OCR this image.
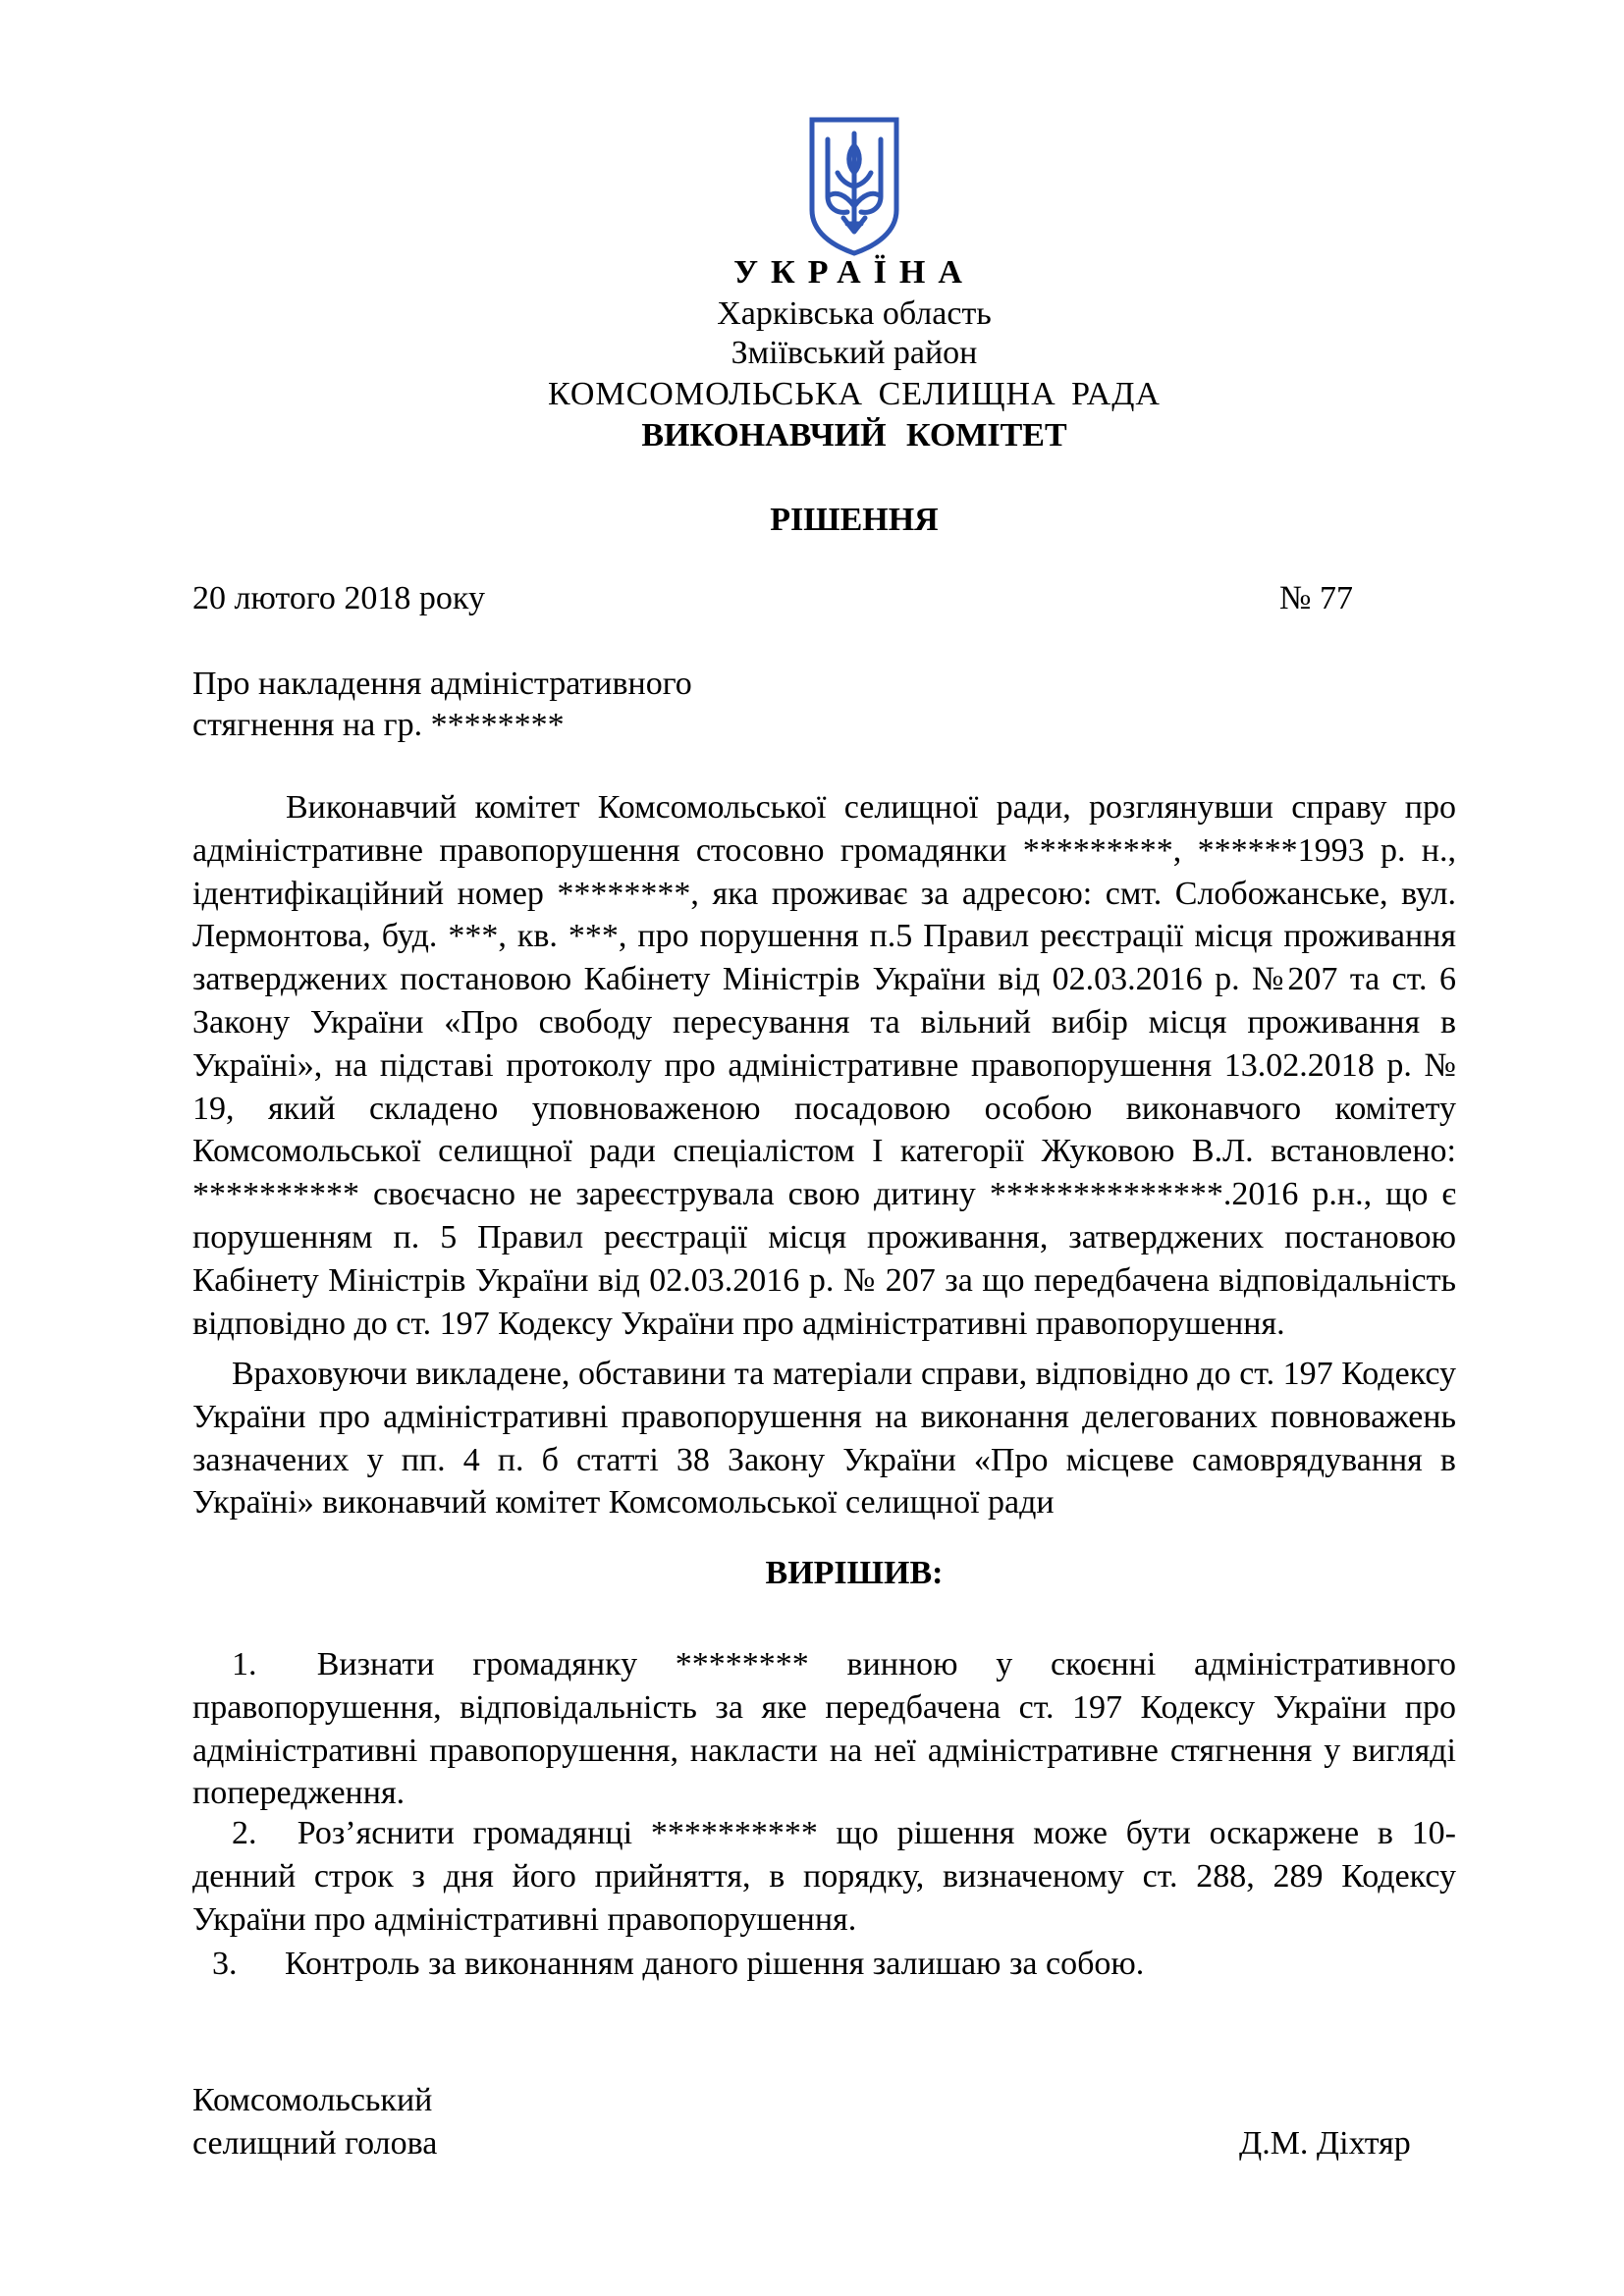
УКРАЇНА
Харківська область
Зміївський район
КОМСОМОЛЬСЬКА СЕЛИЩНА РАДА
ВИКОНАВЧИЙ КОМІТЕТ
РІШЕННЯ
20 лютого 2018 року	№ 77
Про накладення адміністративного
стягнення на гр. ********
Виконавчий комітет Комсомольської селищної ради, розглянувши справу про адміністративне правопорушення стосовно громадянки *********, ******1993 р. н., ідентифікаційний номер ********, яка проживає за адресою: смт. Слобожанське, вул. Лермонтова, буд. ***, кв. ***, про порушення п.5 Правил реєстрації місця проживання затверджених постановою Кабінету Міністрів України від 02.03.2016 р. №207 та ст. 6 Закону України «Про свободу пересування та вільний вибір місця проживання в Україні», на підставі протоколу про адміністративне правопорушення 13.02.2018 р. № 19, який складено уповноваженою посадовою особою виконавчого комітету Комсомольської селищної ради спеціалістом І категорії Жуковою В.Л. встановлено: ********** своєчасно не зареєструвала свою дитину **************.2016 р.н., що є порушенням п. 5 Правил реєстрації місця проживання, затверджених постановою Кабінету Міністрів України від 02.03.2016 р. № 207 за що передбачена відповідальність відповідно до ст. 197 Кодексу України про адміністративні правопорушення.
Враховуючи викладене, обставини та матеріали справи, відповідно до ст. 197 Кодексу України про адміністративні правопорушення на виконання делегованих повноважень зазначених у пп. 4 п. б статті 38 Закону України «Про місцеве самоврядування в Україні» виконавчий комітет Комсомольської селищної ради
ВИРІШИВ:
1. Визнати громадянку ******** винною у скоєнні адміністративного правопорушення, відповідальність за яке передбачена ст. 197 Кодексу України про адміністративні правопорушення, накласти на неї адміністративне стягнення у вигляді попередження.
2. Роз’яснити громадянці ********** що рішення може бути оскаржене в 10-денний строк з дня його прийняття, в порядку, визначеному ст. 288, 289 Кодексу України про адміністративні правопорушення.
3. Контроль за виконанням даного рішення залишаю за собою.
Комсомольський
селищний голова	Д.М. Діхтяр
